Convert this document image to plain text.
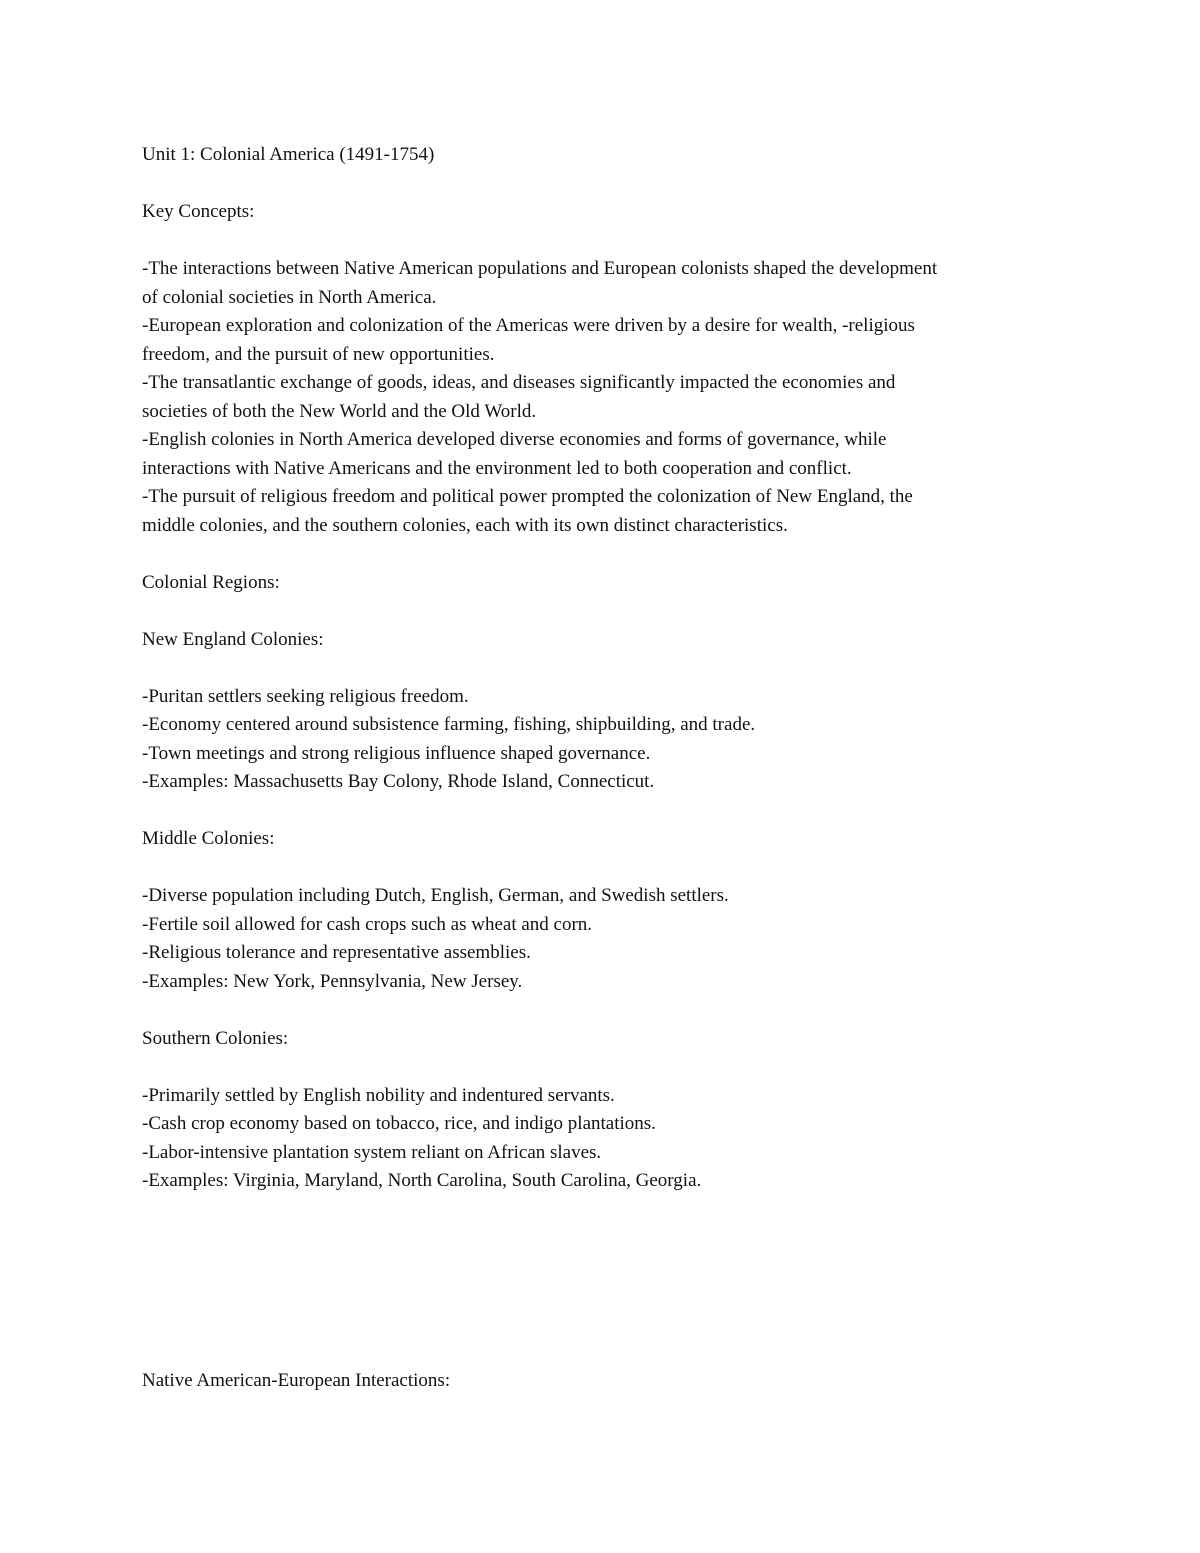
Unit 1: Colonial America (1491-1754)
Key Concepts:
-The interactions between Native American populations and European colonists shaped the development
of colonial societies in North America.
-European exploration and colonization of the Americas were driven by a desire for wealth, -religious
freedom, and the pursuit of new opportunities.
-The transatlantic exchange of goods, ideas, and diseases significantly impacted the economies and
societies of both the New World and the Old World.
-English colonies in North America developed diverse economies and forms of governance, while
interactions with Native Americans and the environment led to both cooperation and conflict.
-The pursuit of religious freedom and political power prompted the colonization of New England, the
middle colonies, and the southern colonies, each with its own distinct characteristics.
Colonial Regions:
New England Colonies:
-Puritan settlers seeking religious freedom.
-Economy centered around subsistence farming, fishing, shipbuilding, and trade.
-Town meetings and strong religious influence shaped governance.
-Examples: Massachusetts Bay Colony, Rhode Island, Connecticut.
Middle Colonies:
-Diverse population including Dutch, English, German, and Swedish settlers.
-Fertile soil allowed for cash crops such as wheat and corn.
-Religious tolerance and representative assemblies.
-Examples: New York, Pennsylvania, New Jersey.
Southern Colonies:
-Primarily settled by English nobility and indentured servants.
-Cash crop economy based on tobacco, rice, and indigo plantations.
-Labor-intensive plantation system reliant on African slaves.
-Examples: Virginia, Maryland, North Carolina, South Carolina, Georgia.
Native American-European Interactions:
